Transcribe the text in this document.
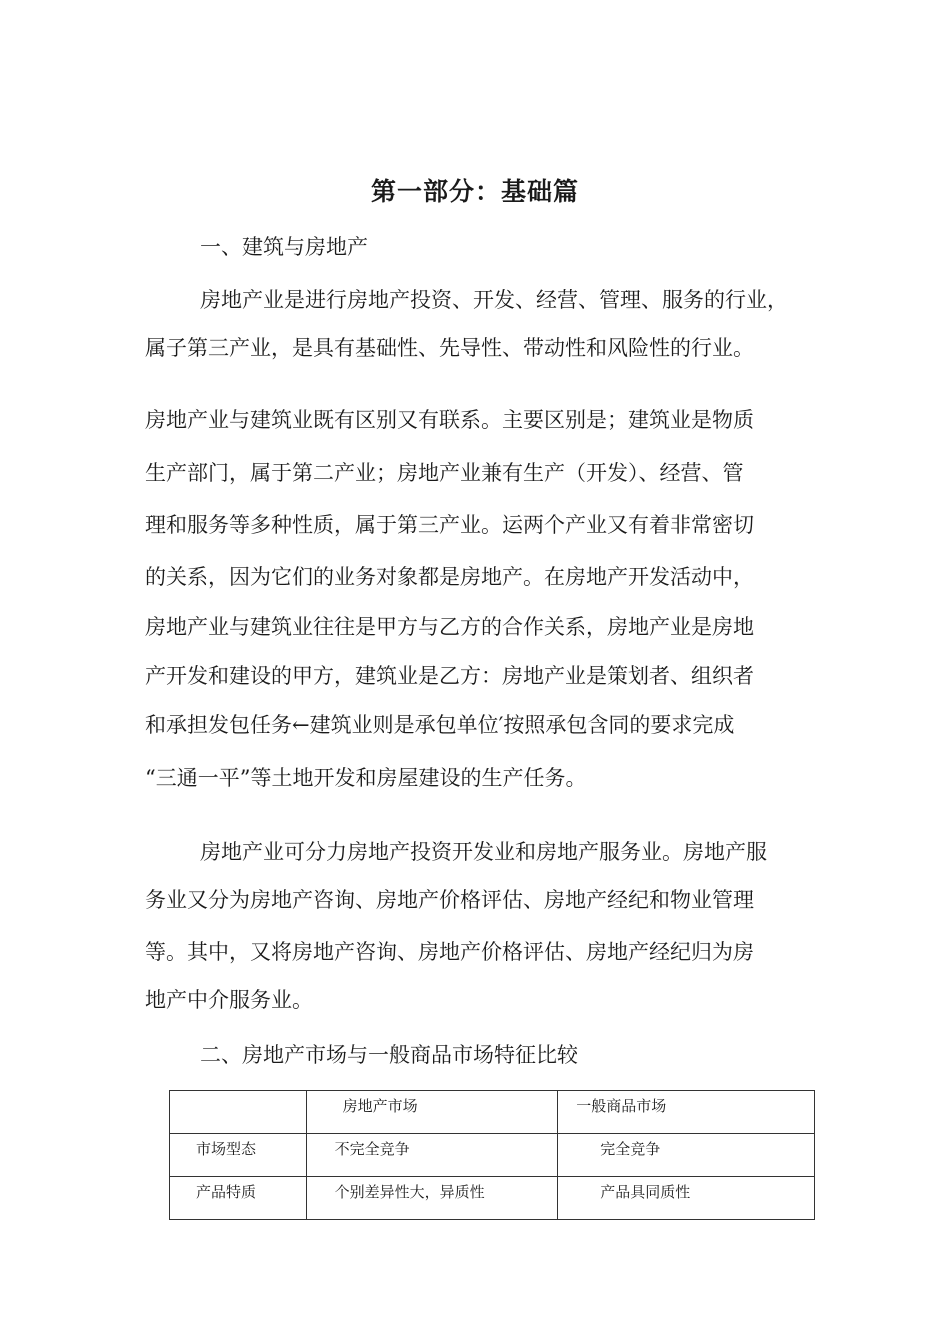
第一部分：基础篇
一、建筑与房地产
房地产业是进行房地产投资、开发、经营、管理、服务的行业，
属子第三产业，是具有基础性、先导性、带动性和风险性的行业。
房地产业与建筑业既有区别又有联系。主要区别是；建筑业是物质
生产部门，属于第二产业；房地产业兼有生产（开发）、经营、管
理和服务等多种性质，属于第三产业。运两个产业又有着非常密切
的关系，因为它们的业务对象都是房地产。在房地产开发活动中，
房地产业与建筑业往往是甲方与乙方的合作关系，房地产业是房地
产开发和建设的甲方，建筑业是乙方：房地产业是策划者、组织者
和承担发包任务←建筑业则是承包单位′按照承包含同的要求完成
“三通一平”等土地开发和房屋建设的生产任务。
房地产业可分力房地产投资开发业和房地产服务业。房地产服
务业又分为房地产咨询、房地产价格评估、房地产经纪和物业管理
等。其中，又将房地产咨询、房地产价格评估、房地产经纪归为房
地产中介服务业。
二、房地产市场与一般商品市场特征比较
	房地产市场	一般商品市场
市场型态	不完全竞争	完全竞争
产品特质	个别差异性大，异质性	产品具同质性
